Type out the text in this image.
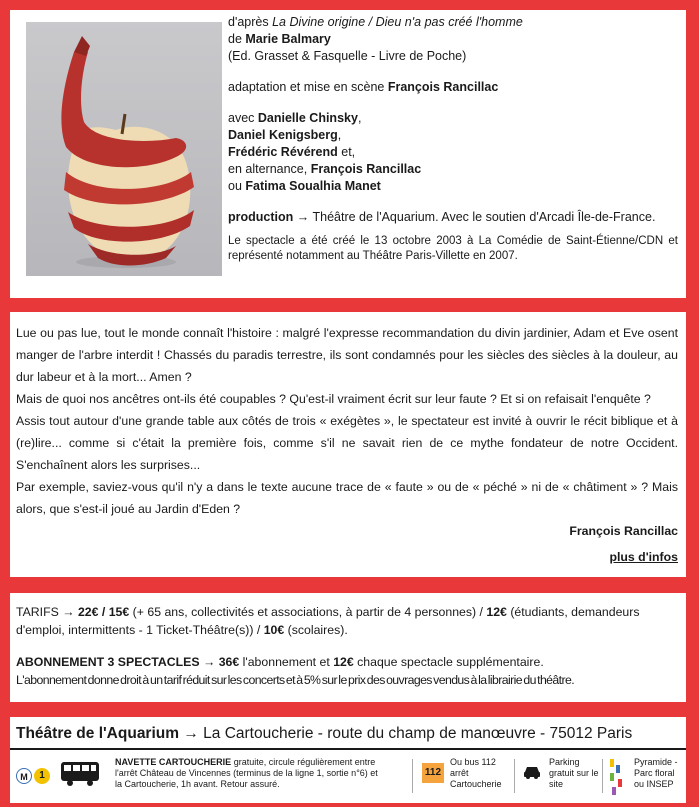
d'après La Divine origine / Dieu n'a pas créé l'homme

de Marie Balmary

(Ed. Grasset & Fasquelle - Livre de Poche)

adaptation et mise en scène François Rancillac

avec Danielle Chinsky,

Daniel Kenigsberg,

Frédéric Révérend et,

en alternance, François Rancillac

ou Fatima Soualhia Manet

production → Théâtre de l'Aquarium. Avec le soutien d'Arcadi Île-de-France.

Le spectacle a été créé le 13 octobre 2003 à La Comédie de Saint-Étienne/CDN et représenté notamment au Théâtre Paris-Villette en 2007.

Lue ou pas lue, tout le monde connaît l'histoire : malgré l'expresse recommandation du divin jardinier, Adam et Eve osent manger de l'arbre interdit ! Chassés du paradis terrestre, ils sont condamnés pour les siècles des siècles à la douleur, au dur labeur et à la mort... Amen ?

Mais de quoi nos ancêtres ont-ils été coupables ? Qu'est-il vraiment écrit sur leur faute ? Et si on refaisait l'enquête ?

Assis tout autour d'une grande table aux côtés de trois « exégètes », le spectateur est invité à ouvrir le récit biblique et à (re)lire... comme si c'était la première fois, comme s'il ne savait rien de ce mythe fondateur de notre Occident. S'enchaînent alors les surprises...

Par exemple, saviez-vous qu'il n'y a dans le texte aucune trace de « faute » ou de « péché » ni de « châtiment » ? Mais alors, que s'est-il joué au Jardin d'Eden ?

François Rancillac

plus d'infos

TARIFS → 22€ / 15€ (+ 65 ans, collectivités et associations, à partir de 4 personnes) / 12€ (étudiants, demandeurs d'emploi, intermittents - 1 Ticket-Théâtre(s)) / 10€ (scolaires).

ABONNEMENT 3 SPECTACLES → 36€ l'abonnement et 12€ chaque spectacle supplémentaire.

L'abonnement donne droit à un tarif réduit sur les concerts et à 5% sur le prix des ouvrages vendus à la librairie du théâtre.

Théâtre de l'Aquarium → La Cartoucherie - route du champ de manœuvre - 75012 Paris
M	1
NAVETTE CARTOUCHERIE gratuite, circule régulièrement entre l'arrêt Château de Vincennes (terminus de la ligne 1, sortie n°6) et la Cartoucherie, 1h avant. Retour assuré.
112
Ou bus 112 arrêt Cartoucherie
Parking gratuit sur le site
Pyramide - Parc floral ou INSEP
